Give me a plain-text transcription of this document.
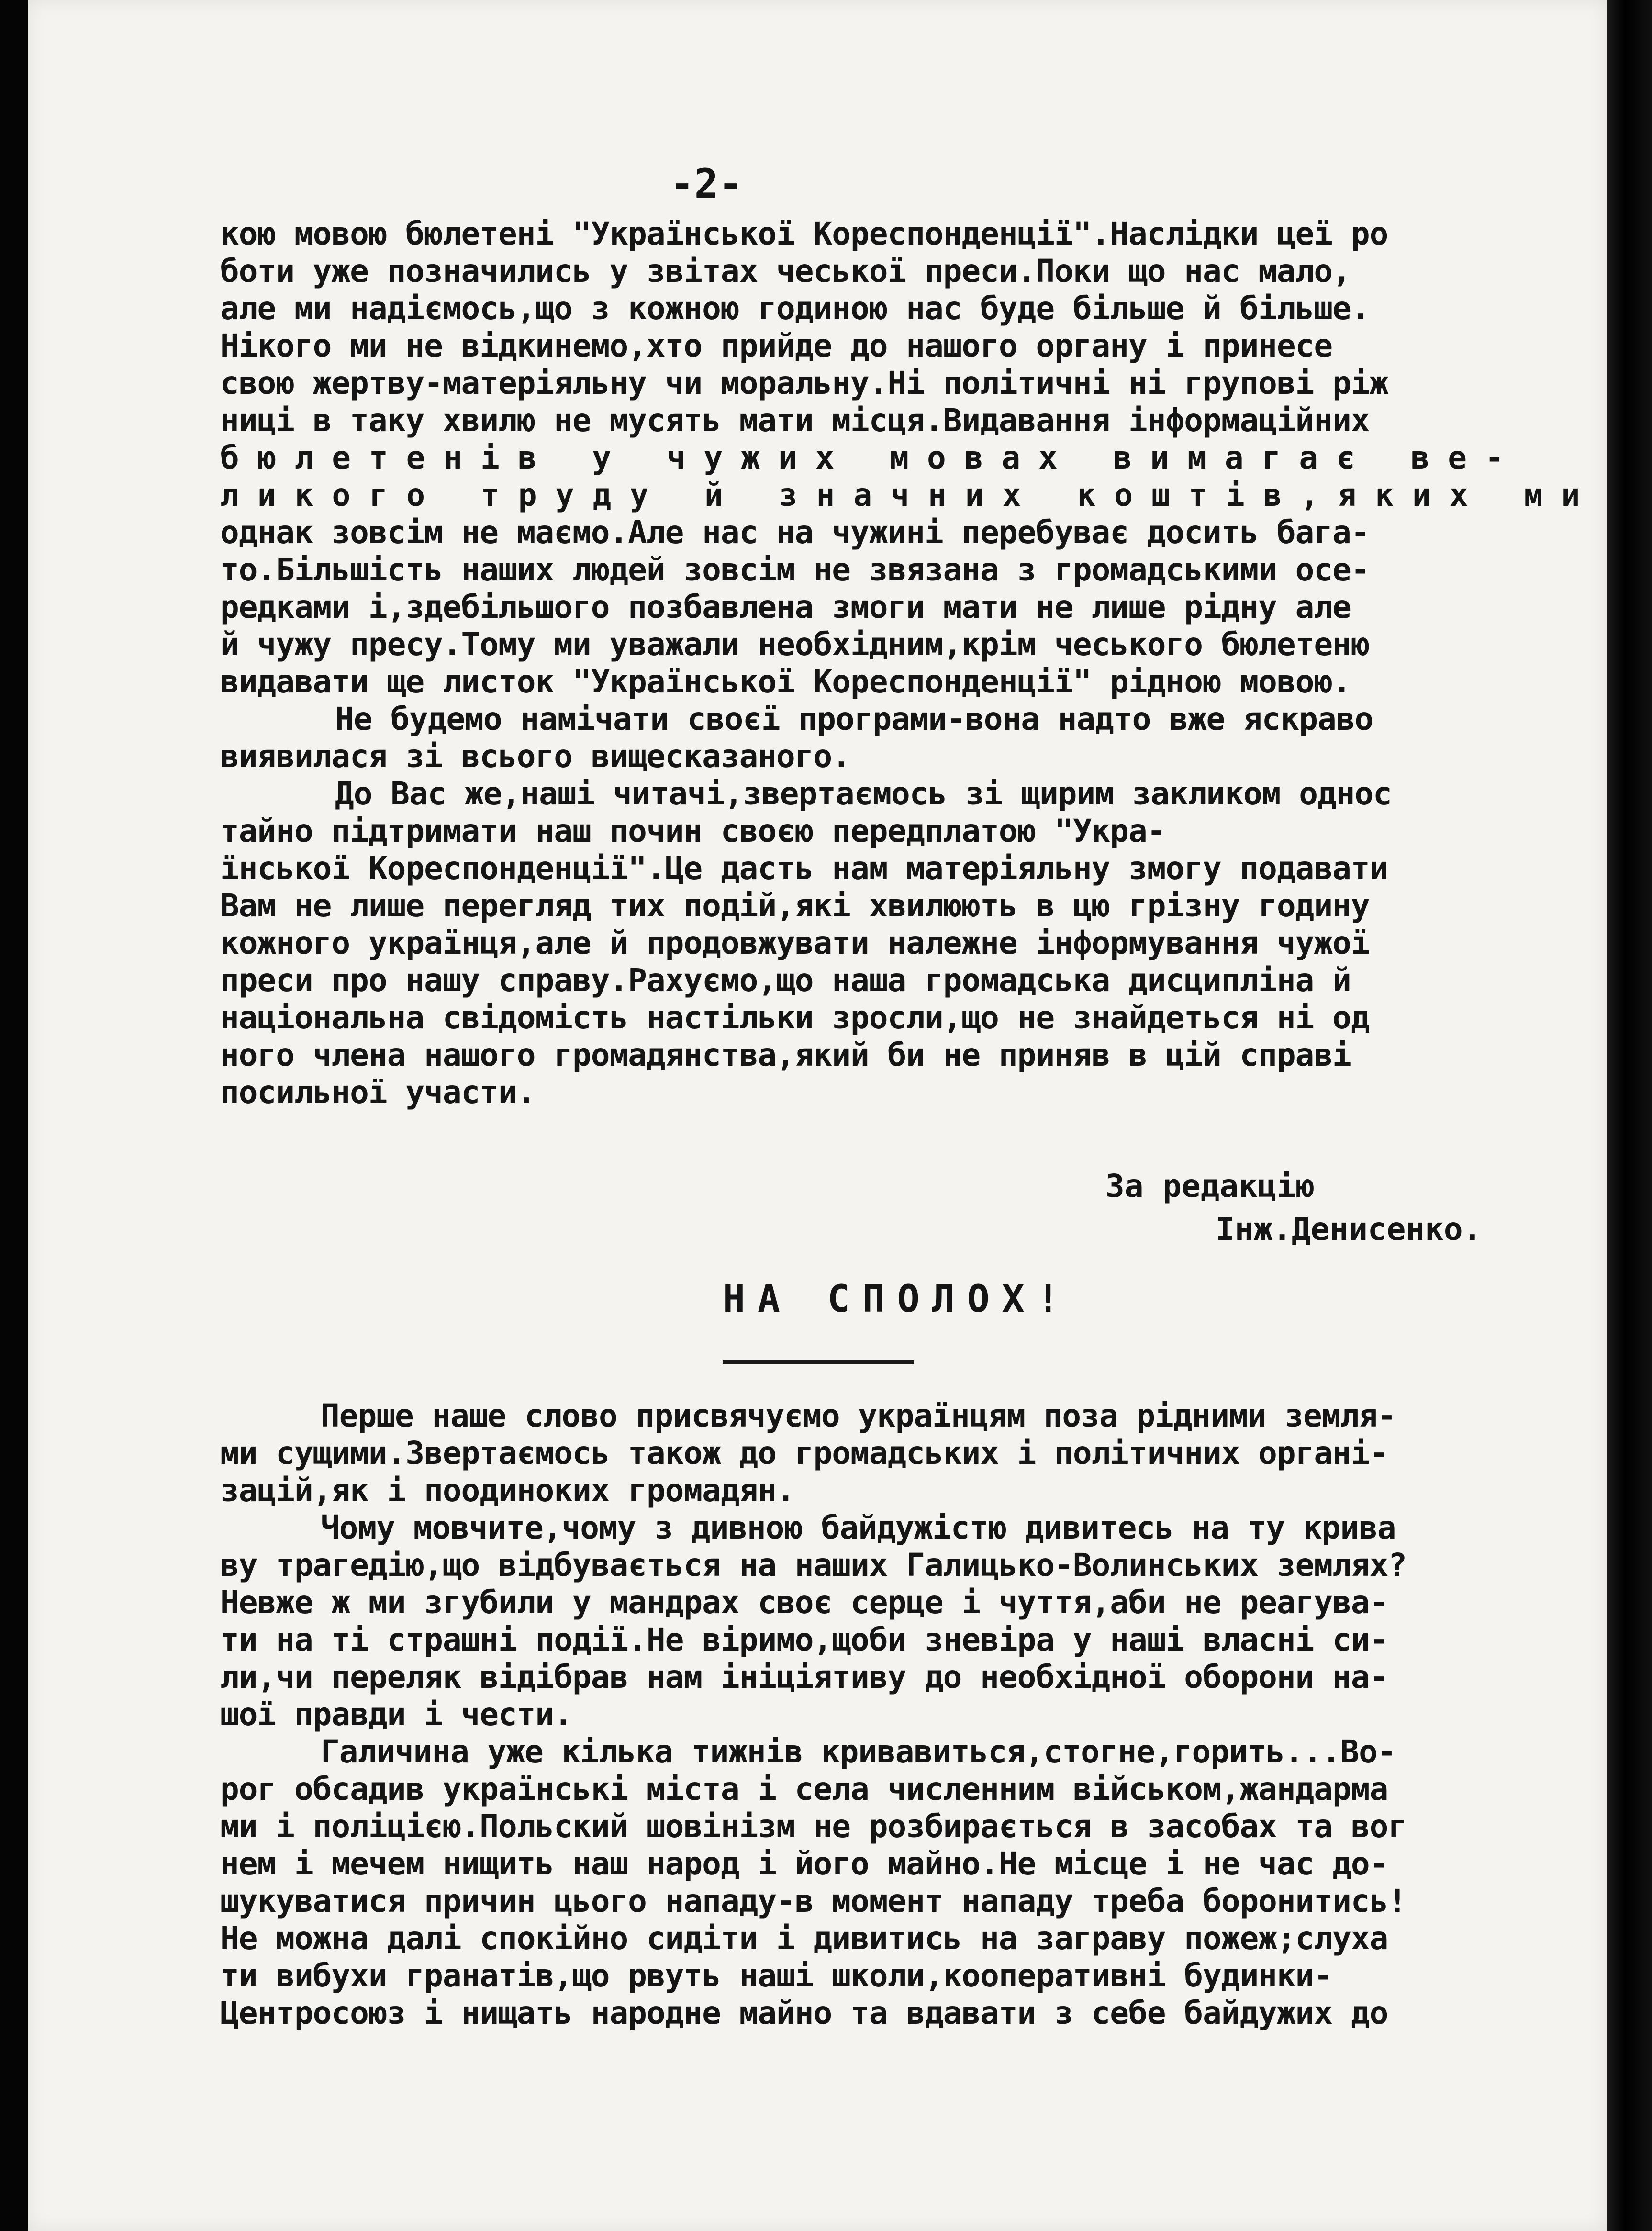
-2-
кою мовою бюлетені "Української Кореспонденції".Наслідки цеї ро
боти уже позначились у звітах чеської преси.Поки що нас мало,
але ми надіємось,що з кожною годиною нас буде більше й більше.
Нікого ми не відкинемо,хто прийде до нашого органу і принесе
свою жертву-матеріяльну чи моральну.Ні політичні ні групові ріж
ниці в таку хвилю не мусять мати місця.Видавання інформаційних
бюлетенів у чужих мовах вимагає ве-
ликого труду й значних коштів,яких ми
однак зовсім не маємо.Але нас на чужині перебуває досить бага-
то.Більшість наших людей зовсім не звязана з громадськими осе-
редками і,здебільшого позбавлена змоги мати не лише рідну але
й чужу пресу.Тому ми уважали необхідним,крім чеського бюлетеню
видавати ще листок "Української Кореспонденції" рідною мовою.
Не будемо намічати своєї програми-вона надто вже яскраво
виявилася зі всього вищесказаного.
До Вас же,наші читачі,звертаємось зі щирим закликом однос
тайно підтримати наш почин своєю передплатою "Укра-
їнської Кореспонденції".Це дасть нам матеріяльну змогу подавати
Вам не лише перегляд тих подій,які хвилюють в цю грізну годину
кожного українця,але й продовжувати належне інформування чужої
преси про нашу справу.Рахуємо,що наша громадська дисципліна й
національна свідомість настільки зросли,що не знайдеться ні од
ного члена нашого громадянства,який би не приняв в цій справі
посильної участи.
За редакцію
Інж.Денисенко.
НА СПОЛОХ!
Перше наше слово присвячуємо українцям поза рідними земля-
ми сущими.Звертаємось також до громадських і політичних органі-
зацій,як і поодиноких громадян.
Чому мовчите,чому з дивною байдужістю дивитесь на ту крива
ву трагедію,що відбувається на наших Галицько-Волинських землях?
Невже ж ми згубили у мандрах своє серце і чуття,аби не реагува-
ти на ті страшні події.Не віримо,щоби зневіра у наші власні си-
ли,чи переляк відібрав нам ініціятиву до необхідної оборони на-
шої правди і чести.
Галичина уже кілька тижнів кривавиться,стогне,горить...Во-
рог обсадив українські міста і села численним військом,жандарма
ми і поліцією.Польский шовінізм не розбирається в засобах та вог
нем і мечем нищить наш народ і його майно.Не місце і не час до-
шукуватися причин цього нападу-в момент нападу треба боронитись!
Не можна далі спокійно сидіти і дивитись на заграву пожеж;слуха
ти вибухи гранатів,що рвуть наші школи,кооперативні будинки-
Центросоюз і нищать народне майно та вдавати з себе байдужих до
